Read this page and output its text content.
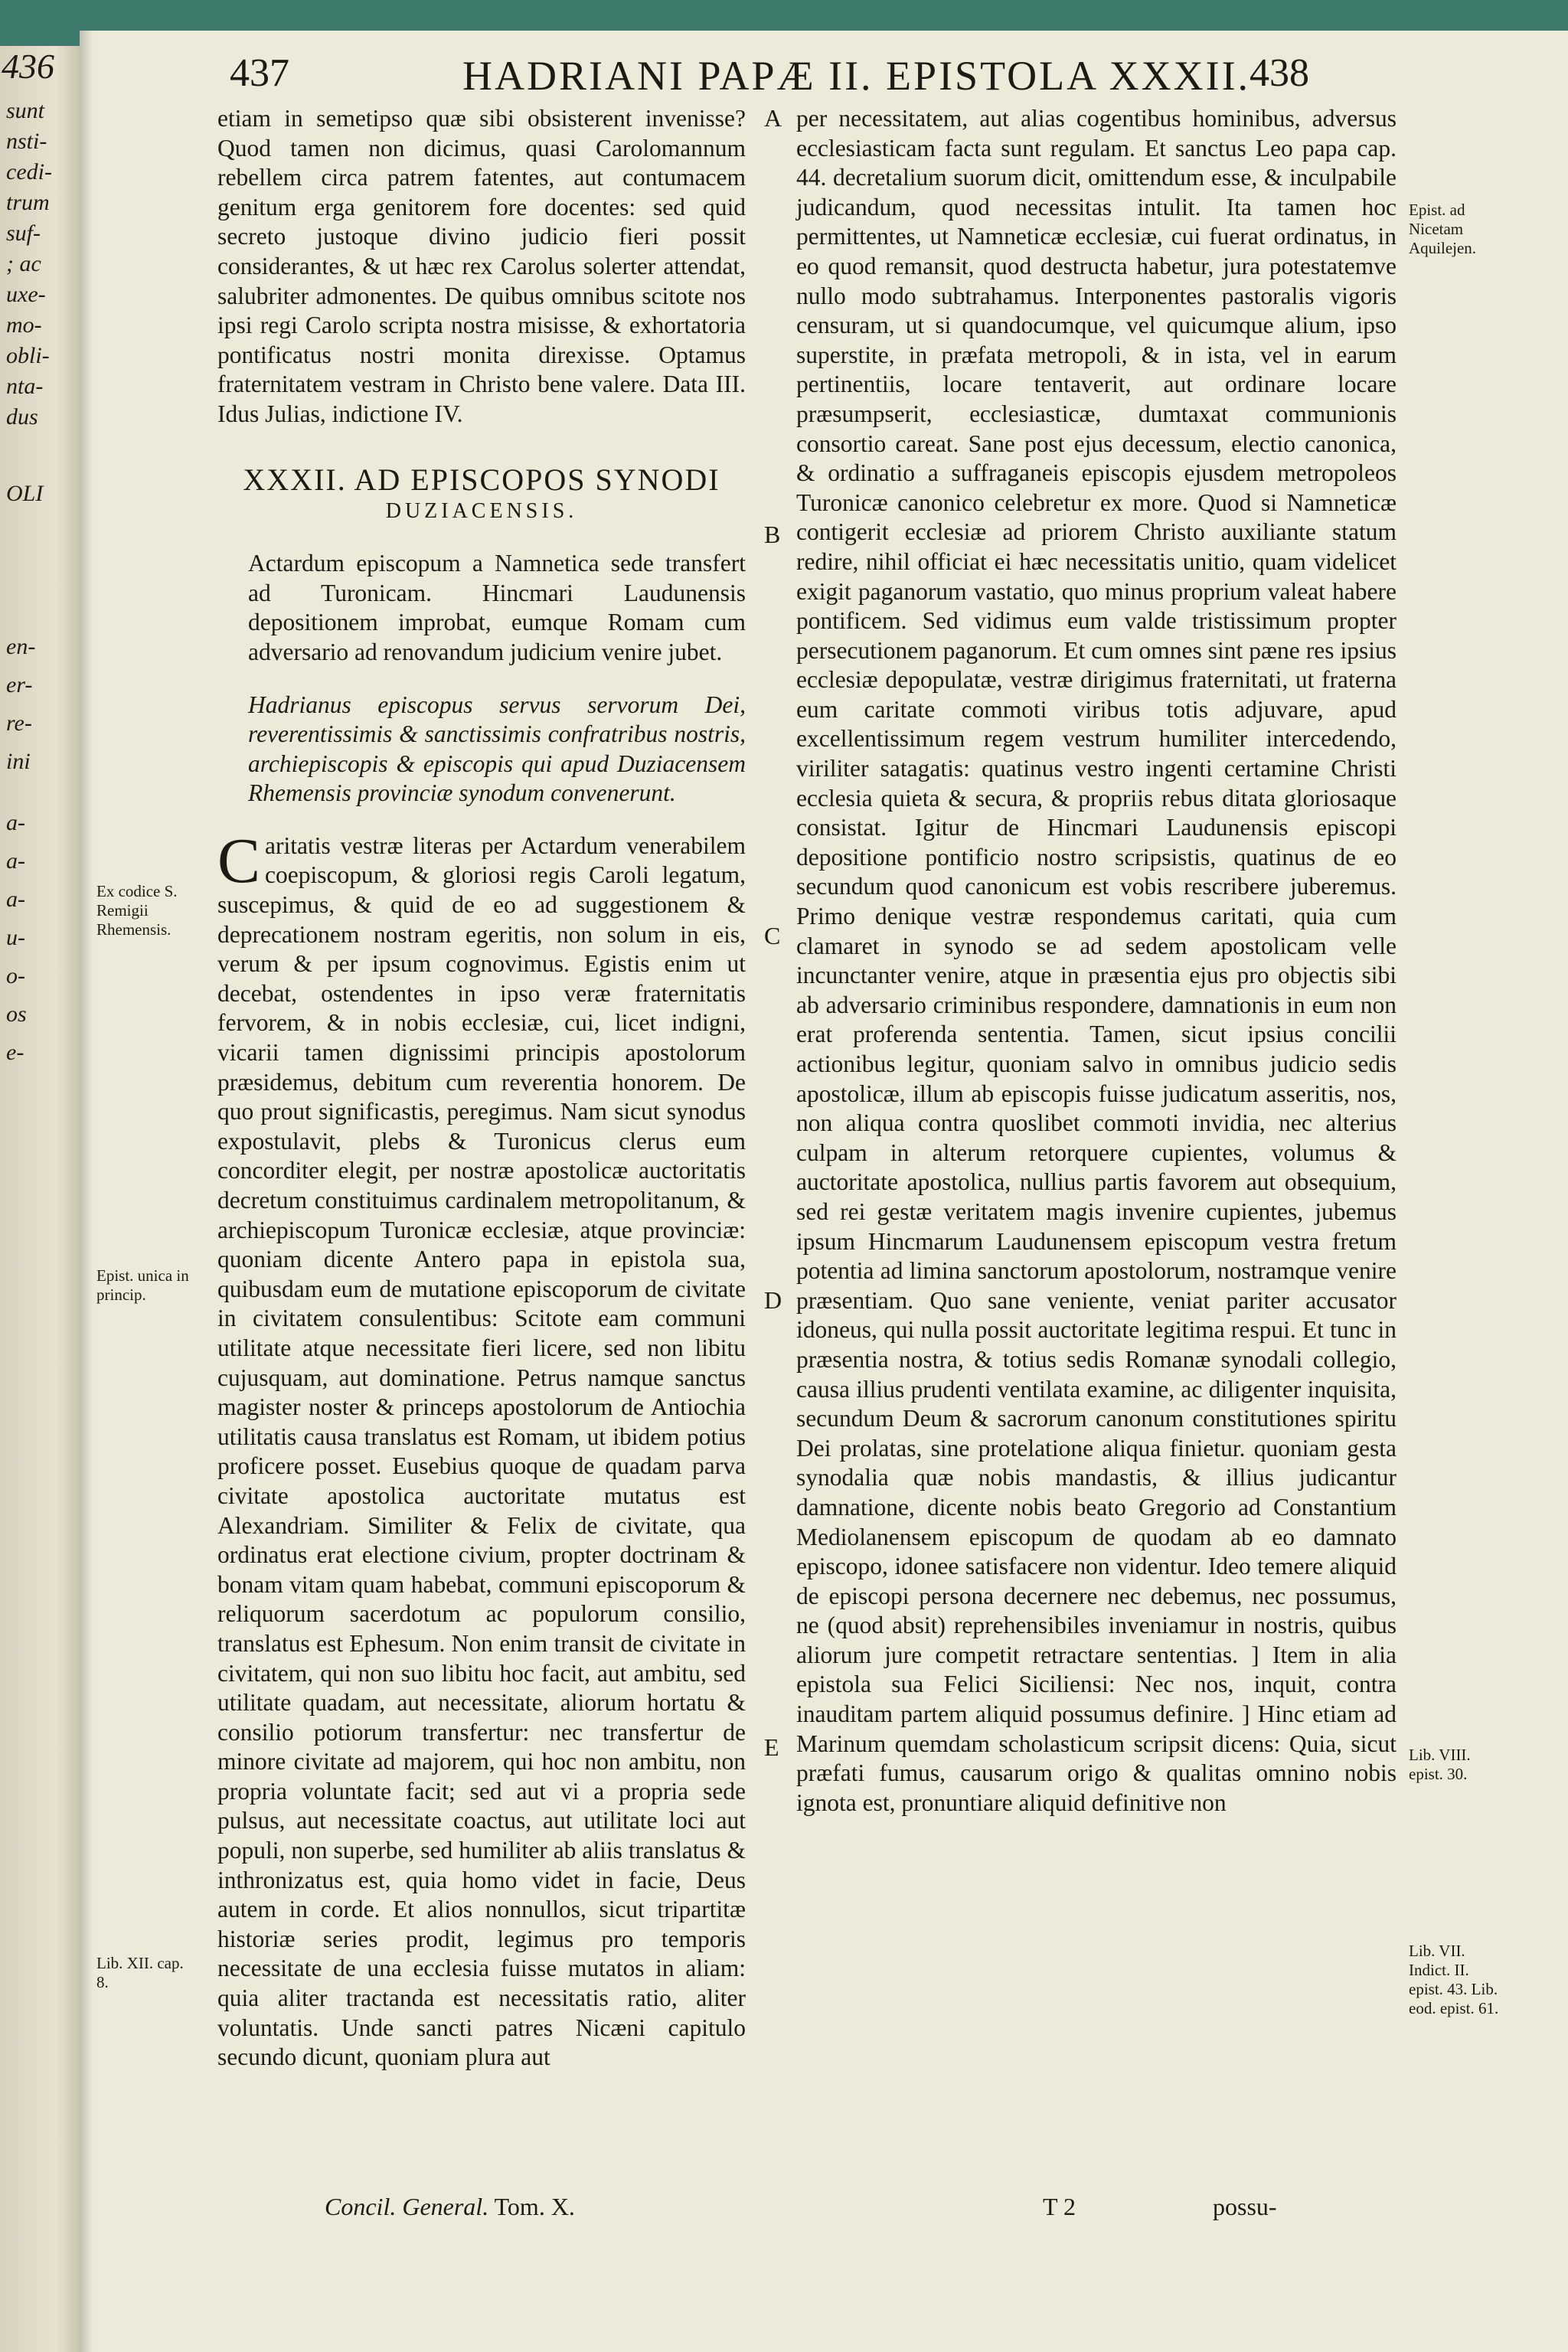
436
sunt
nsti-
cedi-
trum
suf-
; ac
uxe-
mo-
obli-
nta-
dus
OLI
en-
er-
re-
ini
a-
a-
a-
u-
o-
os
e-
437	HADRIANI PAPÆ II. EPISTOLA XXXII.
438

etiam in semetipso quæ sibi obsisterent invenisse? Quod tamen non dicimus, quasi Carolomannum rebellem circa patrem fatentes, aut contumacem genitum erga genitorem fore docentes: sed quid secreto justoque divino judicio fieri possit considerantes, & ut hæc rex Carolus solerter attendat, salubriter admonentes. De quibus omnibus scitote nos ipsi regi Carolo scripta nostra misisse, & exhortatoria pontificatus nostri monita direxisse. Optamus fraternitatem vestram in Christo bene valere. Data III. Idus Julias, indictione IV.

XXXII. AD EPISCOPOS SYNODI

DUZIACENSIS.

Actardum episcopum a Namnetica sede transfert ad Turonicam. Hincmari Laudunensis depositionem improbat, eumque Romam cum adversario ad renovandum judicium venire jubet.

Hadrianus episcopus servus servorum Dei, reverentissimis & sanctissimis confratribus nostris, archiepiscopis & episcopis qui apud Duziacensem Rhemensis provinciæ synodum convenerunt.

Caritatis vestræ literas per Actardum venerabilem coepiscopum, & gloriosi regis Caroli legatum, suscepimus, & quid de eo ad suggestionem & deprecationem nostram egeritis, non solum in eis, verum & per ipsum cognovimus. Egistis enim ut decebat, ostendentes in ipso veræ fraternitatis fervorem, & in nobis ecclesiæ, cui, licet indigni, vicarii tamen dignissimi principis apostolorum præsidemus, debitum cum reverentia honorem. De quo prout significastis, peregimus. Nam sicut synodus expostulavit, plebs & Turonicus clerus eum concorditer elegit, per nostræ apostolicæ auctoritatis decretum constituimus cardinalem metropolitanum, & archiepiscopum Turonicæ ecclesiæ, atque provinciæ: quoniam dicente Antero papa in epistola sua, quibusdam eum de mutatione episcoporum de civitate in civitatem consulentibus: Scitote eam communi utilitate atque necessitate fieri licere, sed non libitu cujusquam, aut dominatione. Petrus namque sanctus magister noster & princeps apostolorum de Antiochia utilitatis causa translatus est Romam, ut ibidem potius proficere posset. Eusebius quoque de quadam parva civitate apostolica auctoritate mutatus est Alexandriam. Similiter & Felix de civitate, qua ordinatus erat electione civium, propter doctrinam & bonam vitam quam habebat, communi episcoporum & reliquorum sacerdotum ac populorum consilio, translatus est Ephesum. Non enim transit de civitate in civitatem, qui non suo libitu hoc facit, aut ambitu, sed utilitate quadam, aut necessitate, aliorum hortatu & consilio potiorum transfertur: nec transfertur de minore civitate ad majorem, qui hoc non ambitu, non propria voluntate facit; sed aut vi a propria sede pulsus, aut necessitate coactus, aut utilitate loci aut populi, non superbe, sed humiliter ab aliis translatus & inthronizatus est, quia homo videt in facie, Deus autem in corde. Et alios nonnullos, sicut tripartitæ historiæ series prodit, legimus pro temporis necessitate de una ecclesia fuisse mutatos in aliam: quia aliter tractanda est necessitatis ratio, aliter voluntatis. Unde sancti patres Nicæni capitulo secundo dicunt, quoniam plura aut

per necessitatem, aut alias cogentibus hominibus, adversus ecclesiasticam facta sunt regulam. Et sanctus Leo papa cap. 44. decretalium suorum dicit, omittendum esse, & inculpabile judicandum, quod necessitas intulit. Ita tamen hoc permittentes, ut Namneticæ ecclesiæ, cui fuerat ordinatus, in eo quod remansit, quod destructa habetur, jura potestatemve nullo modo subtrahamus. Interponentes pastoralis vigoris censuram, ut si quandocumque, vel quicumque alium, ipso superstite, in præfata metropoli, & in ista, vel in earum pertinentiis, locare tentaverit, aut ordinare locare præsumpserit, ecclesiasticæ, dumtaxat communionis consortio careat. Sane post ejus decessum, electio canonica, & ordinatio a suffraganeis episcopis ejusdem metropoleos Turonicæ canonico celebretur ex more. Quod si Namneticæ contigerit ecclesiæ ad priorem Christo auxiliante statum redire, nihil officiat ei hæc necessitatis unitio, quam videlicet exigit paganorum vastatio, quo minus proprium valeat habere pontificem. Sed vidimus eum valde tristissimum propter persecutionem paganorum. Et cum omnes sint pæne res ipsius ecclesiæ depopulatæ, vestræ dirigimus fraternitati, ut fraterna eum caritate commoti viribus totis adjuvare, apud excellentissimum regem vestrum humiliter intercedendo, viriliter satagatis: quatinus vestro ingenti certamine Christi ecclesia quieta & secura, & propriis rebus ditata gloriosaque consistat. Igitur de Hincmari Laudunensis episcopi depositione pontificio nostro scripsistis, quatinus de eo secundum quod canonicum est vobis rescribere juberemus. Primo denique vestræ respondemus caritati, quia cum clamaret in synodo se ad sedem apostolicam velle incunctanter venire, atque in præsentia ejus pro objectis sibi ab adversario criminibus respondere, damnationis in eum non erat proferenda sententia. Tamen, sicut ipsius concilii actionibus legitur, quoniam salvo in omnibus judicio sedis apostolicæ, illum ab episcopis fuisse judicatum asseritis, nos, non aliqua contra quoslibet commoti invidia, nec alterius culpam in alterum retorquere cupientes, volumus & auctoritate apostolica, nullius partis favorem aut obsequium, sed rei gestæ veritatem magis invenire cupientes, jubemus ipsum Hincmarum Laudunensem episcopum vestra fretum potentia ad limina sanctorum apostolorum, nostramque venire præsentiam. Quo sane veniente, veniat pariter accusator idoneus, qui nulla possit auctoritate legitima respui. Et tunc in præsentia nostra, & totius sedis Romanæ synodali collegio, causa illius prudenti ventilata examine, ac diligenter inquisita, secundum Deum & sacrorum canonum constitutiones spiritu Dei prolatas, sine protelatione aliqua finietur. quoniam gesta synodalia quæ nobis mandastis, & illius judicantur damnatione, dicente nobis beato Gregorio ad Constantium Mediolanensem episcopum de quodam ab eo damnato episcopo, idonee satisfacere non videntur. Ideo temere aliquid de episcopi persona decernere nec debemus, nec possumus, ne (quod absit) reprehensibiles inveniamur in nostris, quibus aliorum jure competit retractare sententias. ] Item in alia epistola sua Felici Siciliensi: Nec nos, inquit, contra inauditam partem aliquid possumus definire. ] Hinc etiam ad Marinum quemdam scholasticum scripsit dicens: Quia, sicut præfati fumus, causarum origo & qualitas omnino nobis ignota est, pronuntiare aliquid definitive non

A
B
C
D
E
Ex codice S. Remigii Rhemensis.
Epist. unica in princip.
Lib. XII. cap. 8.
Epist. ad Nicetam Aquilejen.
Lib. VIII. epist. 30.
Lib. VII. Indict. II. epist. 43. Lib. eod. epist. 61.
Concil. General. Tom. X.	T 2	possu-
